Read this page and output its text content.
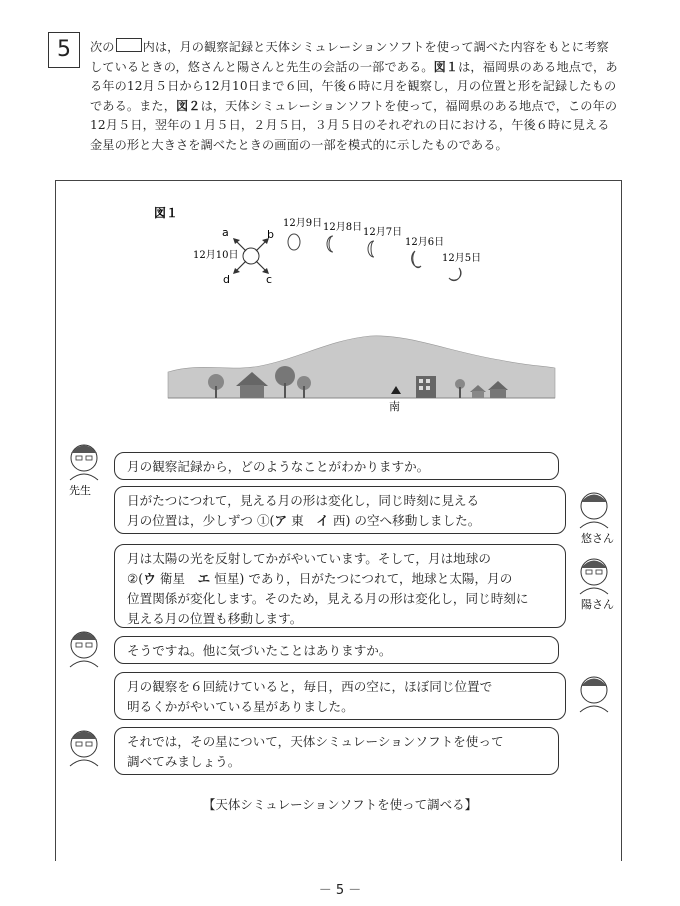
5	次の 内は，月の観察記録と天体シミュレーションソフトを使って調べた内容をもとに考察しているときの，悠さんと陽さんと先生の会話の一部である。図１は，福岡県のある地点で，ある年の12月５日から12月10日まで６回，午後６時に月を観察し，月の位置と形を記録したものである。また，図２は，天体シミュレーションソフトを使って，福岡県のある地点で，この年の12月５日，翌年の１月５日，２月５日，３月５日のそれぞれの日における，午後６時に見える金星の形と大きさを調べたときの画面の一部を模式的に示したものである。
図１
a	b
c
d
12月10日
12月9日 12月8日 12月7日
12月6日
12月5日
南
先生
悠さん
陽さん
月の観察記録から，どのようなことがわかりますか。
日がたつにつれて，見える月の形は変化し，同じ時刻に見える
月の位置は，少しずつ ①(ア 東　 イ 西) の空へ移動しました。
月は太陽の光を反射してかがやいています。そして，月は地球の
②(ウ 衛星　 エ 恒星) であり，日がたつにつれて，地球と太陽，月の
位置関係が変化します。そのため，見える月の形は変化し，同じ時刻に
見える月の位置も移動します。
そうですね。他に気づいたことはありますか。
月の観察を６回続けていると，毎日，西の空に，ほぼ同じ位置で
明るくかがやいている星がありました。
それでは，その星について，天体シミュレーションソフトを使って
調べてみましょう。
【天体シミュレーションソフトを使って調べる】
－ 5 －
